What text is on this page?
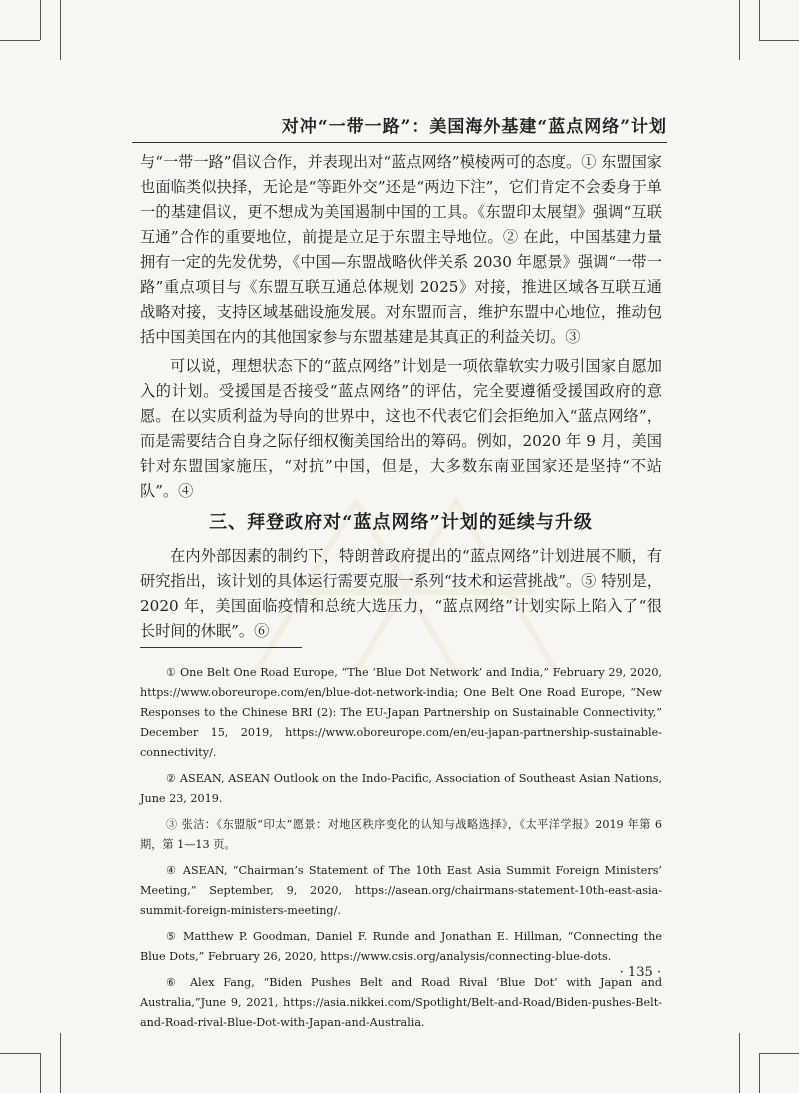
对冲“一带一路”：美国海外基建“蓝点网络”计划

与“一带一路”倡议合作，并表现出对“蓝点网络”模棱两可的态度。① 东盟国家也面临类似抉择，无论是“等距外交”还是“两边下注”，它们肯定不会委身于单一的基建倡议，更不想成为美国遏制中国的工具。《东盟印太展望》强调“互联互通”合作的重要地位，前提是立足于东盟主导地位。② 在此，中国基建力量拥有一定的先发优势，《中国—东盟战略伙伴关系 2030 年愿景》强调“一带一路”重点项目与《东盟互联互通总体规划 2025》对接，推进区域各互联互通战略对接，支持区域基础设施发展。对东盟而言，维护东盟中心地位，推动包括中国美国在内的其他国家参与东盟基建是其真正的利益关切。③

可以说，理想状态下的“蓝点网络”计划是一项依靠软实力吸引国家自愿加入的计划。受援国是否接受“蓝点网络”的评估，完全要遵循受援国政府的意愿。在以实质利益为导向的世界中，这也不代表它们会拒绝加入“蓝点网络”，而是需要结合自身之际仔细权衡美国给出的筹码。例如，2020 年 9 月，美国针对东盟国家施压，“对抗”中国，但是，大多数东南亚国家还是坚持“不站队”。④

三、拜登政府对“蓝点网络”计划的延续与升级

在内外部因素的制约下，特朗普政府提出的“蓝点网络”计划进展不顺，有研究指出，该计划的具体运行需要克服一系列“技术和运营挑战”。⑤ 特别是，2020 年，美国面临疫情和总统大选压力，“蓝点网络”计划实际上陷入了“很长时间的休眠”。⑥

① One Belt One Road Europe, “The ‘Blue Dot Network’ and India,” February 29, 2020, https://www.oboreurope.com/en/blue-dot-network-india; One Belt One Road Europe, “New Responses to the Chinese BRI (2): The EU-Japan Partnership on Sustainable Connectivity,” December 15, 2019, https://www.oboreurope.com/en/eu-japan-partnership-sustainable-connectivity/.

② ASEAN, ASEAN Outlook on the Indo-Pacific, Association of Southeast Asian Nations, June 23, 2019.

③ 张洁：《东盟版“印太”愿景：对地区秩序变化的认知与战略选择》，《太平洋学报》2019 年第 6 期，第 1—13 页。

④ ASEAN, “Chairman’s Statement of The 10th East Asia Summit Foreign Ministers’ Meeting,” September, 9, 2020, https://asean.org/chairmans-statement-10th-east-asia-summit-foreign-ministers-meeting/.

⑤ Matthew P. Goodman, Daniel F. Runde and Jonathan E. Hillman, “Connecting the Blue Dots,” February 26, 2020, https://www.csis.org/analysis/connecting-blue-dots.

⑥ Alex Fang, “Biden Pushes Belt and Road Rival ‘Blue Dot’ with Japan and Australia,”June 9, 2021, https://asia.nikkei.com/Spotlight/Belt-and-Road/Biden-pushes-Belt-and-Road-rival-Blue-Dot-with-Japan-and-Australia.

· 135 ·
